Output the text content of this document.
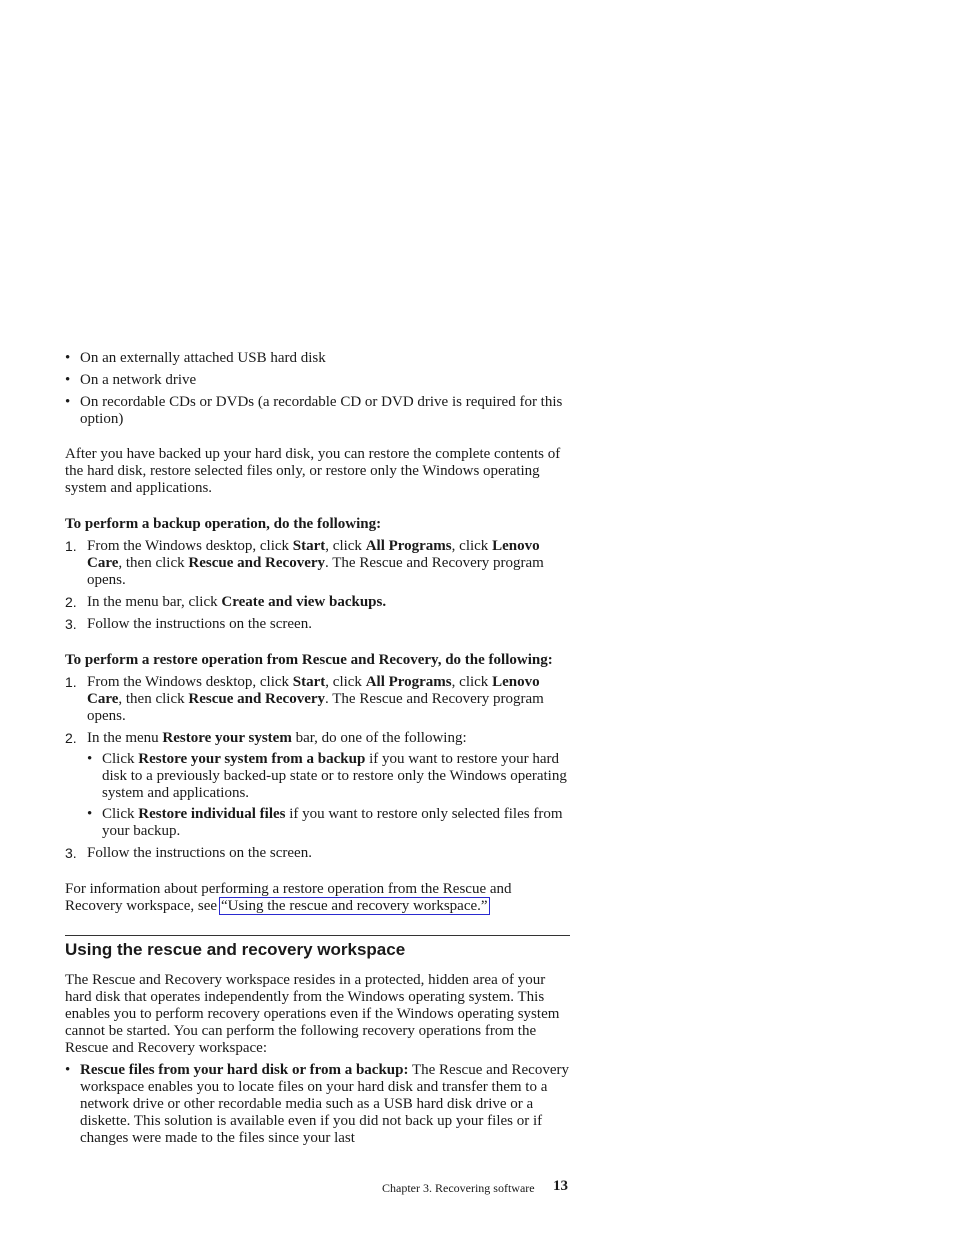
• On an externally attached USB hard disk

• On a network drive

• On recordable CDs or DVDs (a recordable CD or DVD drive is required for this option)

After you have backed up your hard disk, you can restore the complete contents of the hard disk, restore selected files only, or restore only the Windows operating system and applications.

To perform a backup operation, do the following:

1. From the Windows desktop, click Start, click All Programs, click Lenovo Care, then click Rescue and Recovery. The Rescue and Recovery program opens.
2. In the menu bar, click Create and view backups.
3. Follow the instructions on the screen.

To perform a restore operation from Rescue and Recovery, do the following:

1. From the Windows desktop, click Start, click All Programs, click Lenovo Care, then click Rescue and Recovery. The Rescue and Recovery program opens.
2. In the menu Restore your system bar, do one of the following:

• Click Restore your system from a backup if you want to restore your hard disk to a previously backed-up state or to restore only the Windows operating system and applications.

• Click Restore individual files if you want to restore only selected files from your backup.

3. Follow the instructions on the screen.

For information about performing a restore operation from the Rescue and Recovery workspace, see “Using the rescue and recovery workspace.”

Using the rescue and recovery workspace

The Rescue and Recovery workspace resides in a protected, hidden area of your hard disk that operates independently from the Windows operating system. This enables you to perform recovery operations even if the Windows operating system cannot be started. You can perform the following recovery operations from the Rescue and Recovery workspace:

• Rescue files from your hard disk or from a backup: The Rescue and Recovery workspace enables you to locate files on your hard disk and transfer them to a network drive or other recordable media such as a USB hard disk drive or a diskette. This solution is available even if you did not back up your files or if changes were made to the files since your last

Chapter 3. Recovering software 13
